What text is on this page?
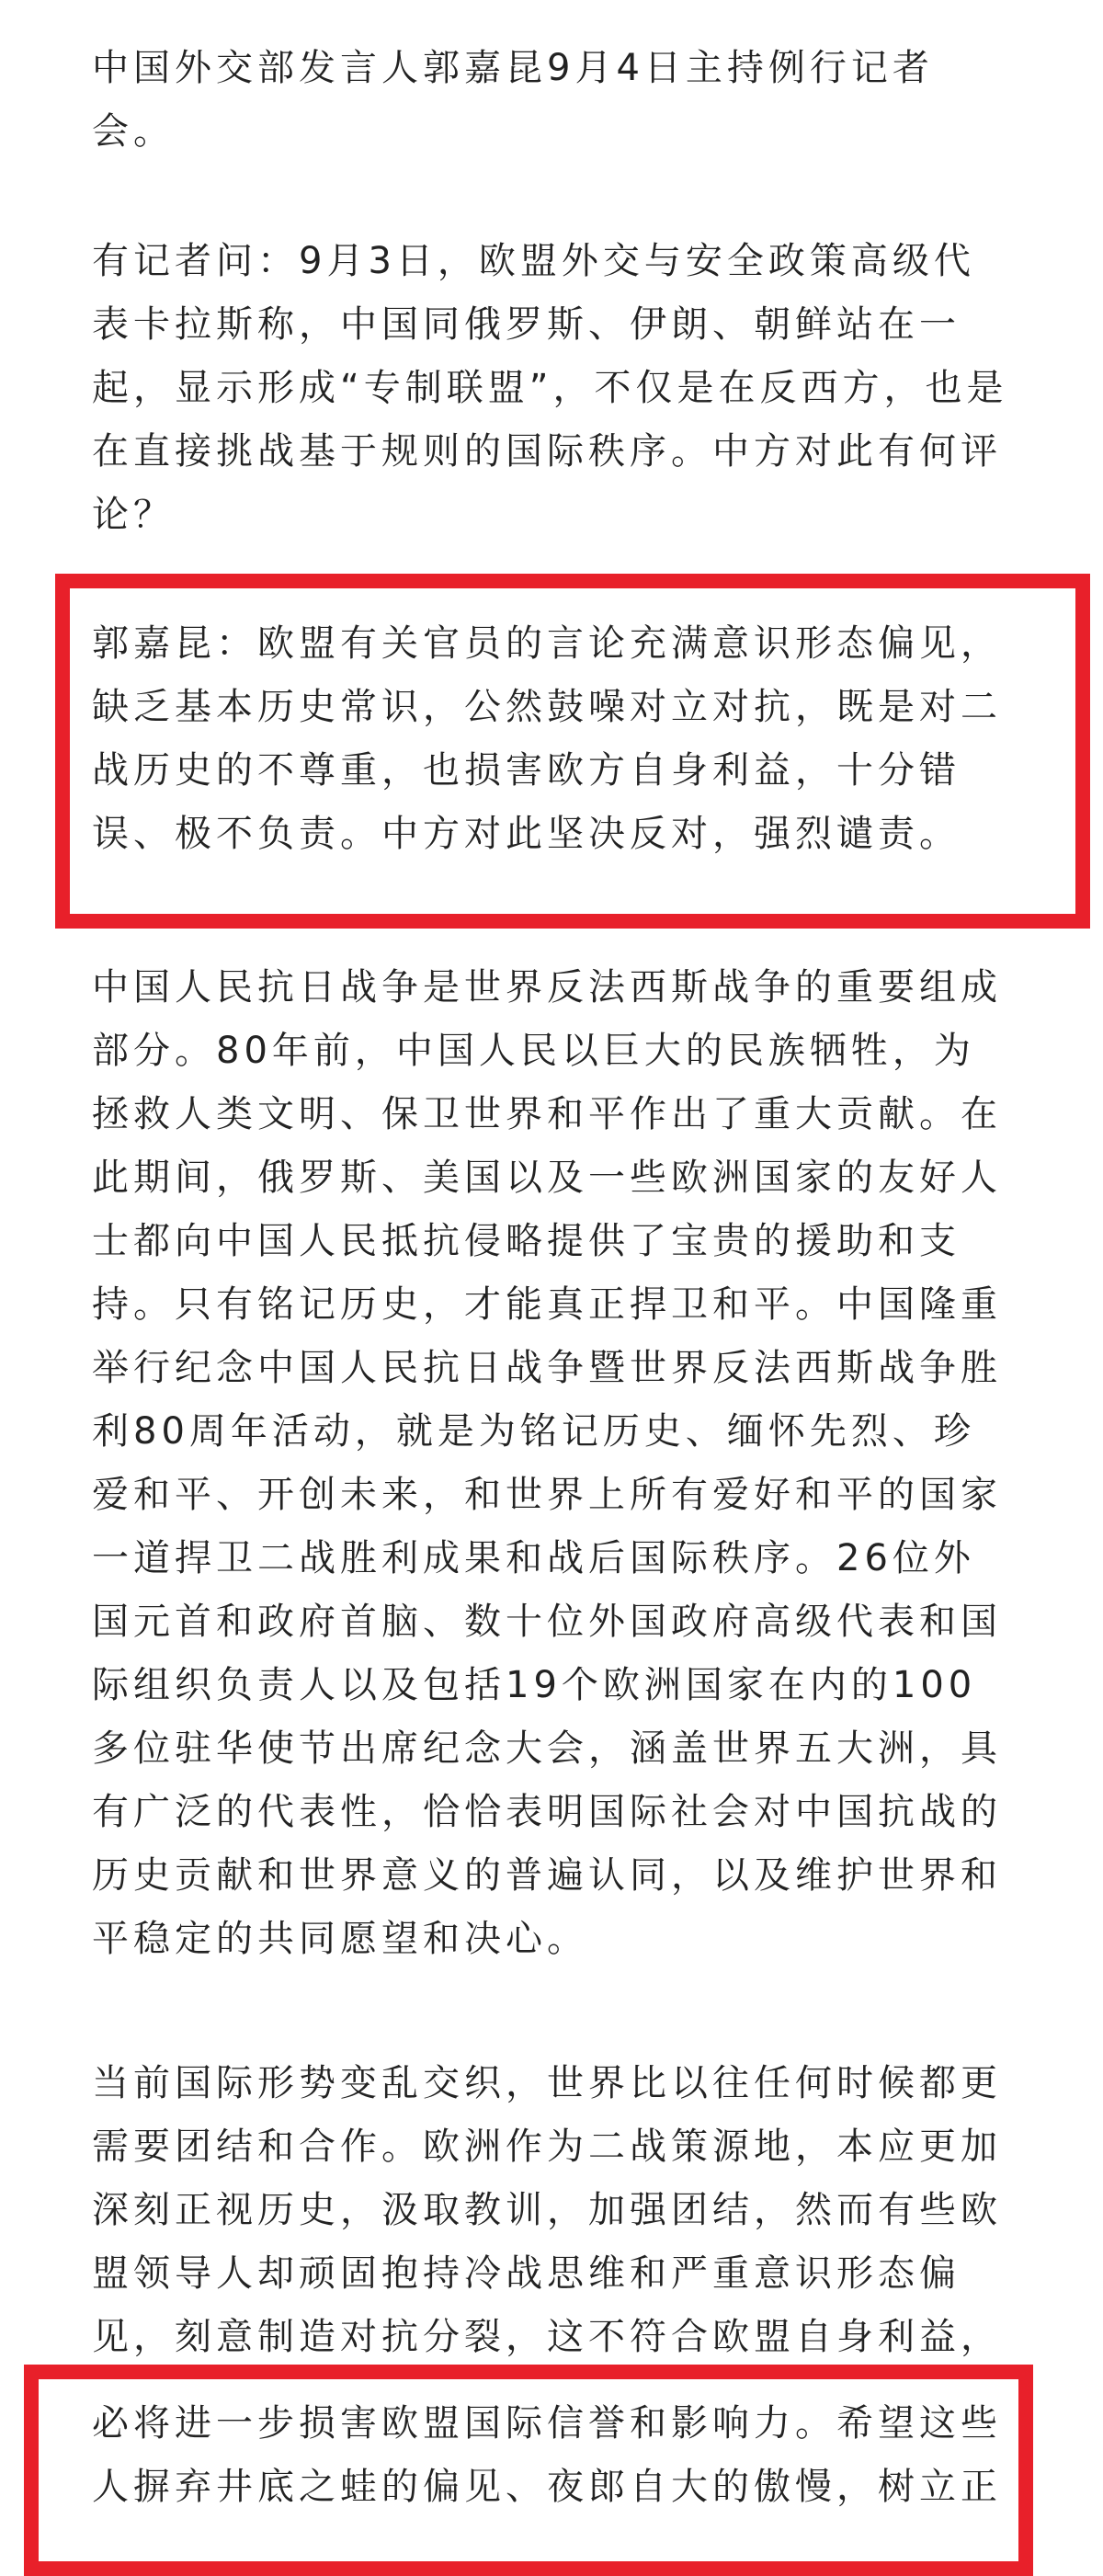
中国外交部发言人郭嘉昆9月4日主持例行记者会。
有记者问：9月3日，欧盟外交与安全政策高级代表卡拉斯称，中国同俄罗斯、伊朗、朝鲜站在一起，显示形成“专制联盟”，不仅是在反西方，也是在直接挑战基于规则的国际秩序。中方对此有何评论？
郭嘉昆：欧盟有关官员的言论充满意识形态偏见，缺乏基本历史常识，公然鼓噪对立对抗，既是对二战历史的不尊重，也损害欧方自身利益，十分错误、极不负责。中方对此坚决反对，强烈谴责。
中国人民抗日战争是世界反法西斯战争的重要组成部分。80年前，中国人民以巨大的民族牺牲，为拯救人类文明、保卫世界和平作出了重大贡献。在此期间，俄罗斯、美国以及一些欧洲国家的友好人士都向中国人民抵抗侵略提供了宝贵的援助和支持。只有铭记历史，才能真正捍卫和平。中国隆重举行纪念中国人民抗日战争暨世界反法西斯战争胜利80周年活动，就是为铭记历史、缅怀先烈、珍爱和平、开创未来，和世界上所有爱好和平的国家一道捍卫二战胜利成果和战后国际秩序。26位外国元首和政府首脑、数十位外国政府高级代表和国际组织负责人以及包括19个欧洲国家在内的100多位驻华使节出席纪念大会，涵盖世界五大洲，具有广泛的代表性，恰恰表明国际社会对中国抗战的历史贡献和世界意义的普遍认同，以及维护世界和平稳定的共同愿望和决心。
当前国际形势变乱交织，世界比以往任何时候都更需要团结和合作。欧洲作为二战策源地，本应更加深刻正视历史，汲取教训，加强团结，然而有些欧盟领导人却顽固抱持冷战思维和严重意识形态偏见，刻意制造对抗分裂，这不符合欧盟自身利益，
必将进一步损害欧盟国际信誉和影响力。希望这些人摒弃井底之蛙的偏见、夜郎自大的傲慢，树立正
